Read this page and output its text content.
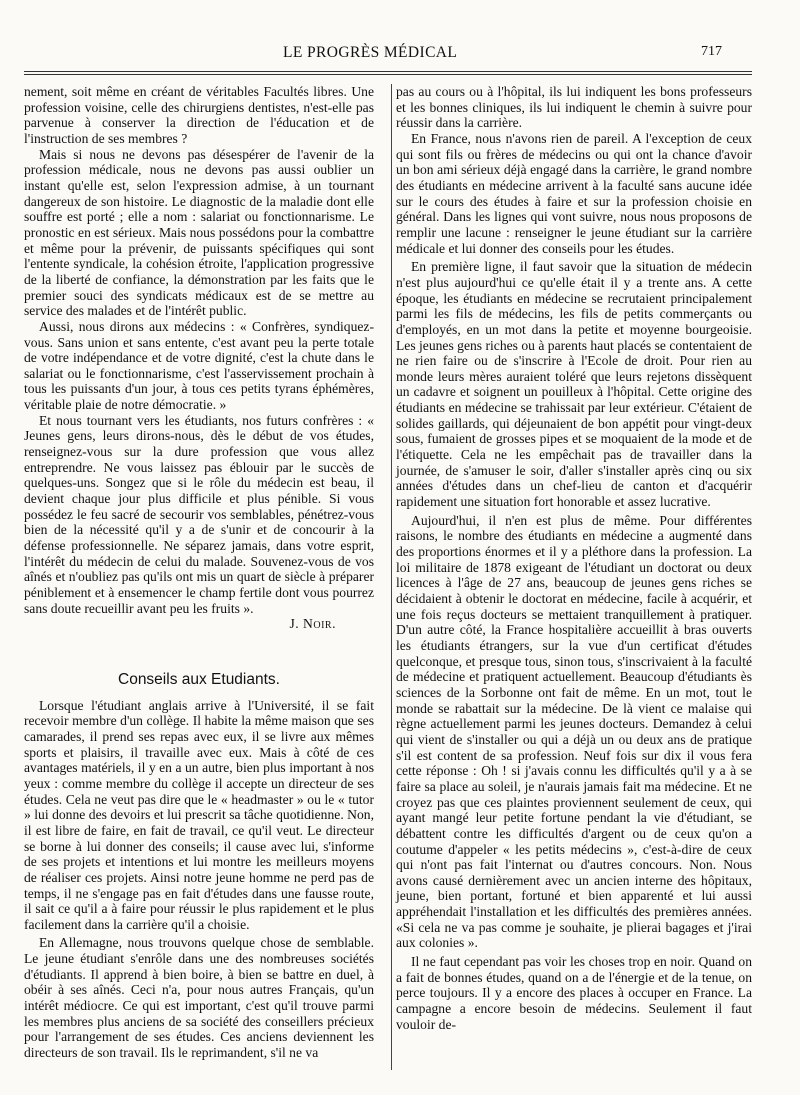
LE PROGRÈS MÉDICAL	717

nement, soit même en créant de véritables Facultés libres. Une profession voisine, celle des chirurgiens dentistes, n'est-elle pas parvenue à conserver la direction de l'éducation et de l'instruction de ses membres ?

Mais si nous ne devons pas désespérer de l'avenir de la profession médicale, nous ne devons pas aussi oublier un instant qu'elle est, selon l'expression admise, à un tournant dangereux de son histoire. Le diagnostic de la maladie dont elle souffre est porté ; elle a nom : salariat ou fonctionnarisme. Le pronostic en est sérieux. Mais nous possédons pour la combattre et même pour la prévenir, de puissants spécifiques qui sont l'entente syndicale, la cohésion étroite, l'application progressive de la liberté de confiance, la démonstration par les faits que le premier souci des syndicats médicaux est de se mettre au service des malades et de l'intérêt public.

Aussi, nous dirons aux médecins : « Confrères, syndiquez-vous. Sans union et sans entente, c'est avant peu la perte totale de votre indépendance et de votre dignité, c'est la chute dans le salariat ou le fonctionnarisme, c'est l'asservissement prochain à tous les puissants d'un jour, à tous ces petits tyrans éphémères, véritable plaie de notre démocratie. »

Et nous tournant vers les étudiants, nos futurs confrères : « Jeunes gens, leurs dirons-nous, dès le début de vos études, renseignez-vous sur la dure profession que vous allez entreprendre. Ne vous laissez pas éblouir par le succès de quelques-uns. Songez que si le rôle du médecin est beau, il devient chaque jour plus difficile et plus pénible. Si vous possédez le feu sacré de secourir vos semblables, pénétrez-vous bien de la nécessité qu'il y a de s'unir et de concourir à la défense professionnelle. Ne séparez jamais, dans votre esprit, l'intérêt du médecin de celui du malade. Souvenez-vous de vos aînés et n'oubliez pas qu'ils ont mis un quart de siècle à préparer péniblement et à ensemencer le champ fertile dont vous pourrez sans doute recueillir avant peu les fruits ».

J. Noir.

Conseils aux Etudiants.

Lorsque l'étudiant anglais arrive à l'Université, il se fait recevoir membre d'un collège. Il habite la même maison que ses camarades, il prend ses repas avec eux, il se livre aux mêmes sports et plaisirs, il travaille avec eux. Mais à côté de ces avantages matériels, il y en a un autre, bien plus important à nos yeux : comme membre du collège il accepte un directeur de ses études. Cela ne veut pas dire que le « headmaster » ou le « tutor » lui donne des devoirs et lui prescrit sa tâche quotidienne. Non, il est libre de faire, en fait de travail, ce qu'il veut. Le directeur se borne à lui donner des conseils; il cause avec lui, s'informe de ses projets et intentions et lui montre les meilleurs moyens de réaliser ces projets. Ainsi notre jeune homme ne perd pas de temps, il ne s'engage pas en fait d'études dans une fausse route, il sait ce qu'il a à faire pour réussir le plus rapidement et le plus facilement dans la carrière qu'il a choisie.

En Allemagne, nous trouvons quelque chose de semblable. Le jeune étudiant s'enrôle dans une des nombreuses sociétés d'étudiants. Il apprend à bien boire, à bien se battre en duel, à obéir à ses aînés. Ceci n'a, pour nous autres Français, qu'un intérêt médiocre. Ce qui est important, c'est qu'il trouve parmi les membres plus anciens de sa société des conseillers précieux pour l'arrangement de ses études. Ces anciens deviennent les directeurs de son travail. Ils le reprimandent, s'il ne va

pas au cours ou à l'hôpital, ils lui indiquent les bons professeurs et les bonnes cliniques, ils lui indiquent le chemin à suivre pour réussir dans la carrière.

En France, nous n'avons rien de pareil. A l'exception de ceux qui sont fils ou frères de médecins ou qui ont la chance d'avoir un bon ami sérieux déjà engagé dans la carrière, le grand nombre des étudiants en médecine arrivent à la faculté sans aucune idée sur le cours des études à faire et sur la profession choisie en général. Dans les lignes qui vont suivre, nous nous proposons de remplir une lacune : renseigner le jeune étudiant sur la carrière médicale et lui donner des conseils pour les études.

En première ligne, il faut savoir que la situation de médecin n'est plus aujourd'hui ce qu'elle était il y a trente ans. A cette époque, les étudiants en médecine se recrutaient principalement parmi les fils de médecins, les fils de petits commerçants ou d'employés, en un mot dans la petite et moyenne bourgeoisie. Les jeunes gens riches ou à parents haut placés se contentaient de ne rien faire ou de s'inscrire à l'Ecole de droit. Pour rien au monde leurs mères auraient toléré que leurs rejetons dissèquent un cadavre et soignent un pouilleux à l'hôpital. Cette origine des étudiants en médecine se trahissait par leur extérieur. C'étaient de solides gaillards, qui déjeunaient de bon appétit pour vingt-deux sous, fumaient de grosses pipes et se moquaient de la mode et de l'étiquette. Cela ne les empêchait pas de travailler dans la journée, de s'amuser le soir, d'aller s'installer après cinq ou six années d'études dans un chef-lieu de canton et d'acquérir rapidement une situation fort honorable et assez lucrative.

Aujourd'hui, il n'en est plus de même. Pour différentes raisons, le nombre des étudiants en médecine a augmenté dans des proportions énormes et il y a pléthore dans la profession. La loi militaire de 1878 exigeant de l'étudiant un doctorat ou deux licences à l'âge de 27 ans, beaucoup de jeunes gens riches se décidaient à obtenir le doctorat en médecine, facile à acquérir, et une fois reçus docteurs se mettaient tranquillement à pratiquer. D'un autre côté, la France hospitalière accueillit à bras ouverts les étudiants étrangers, sur la vue d'un certificat d'études quelconque, et presque tous, sinon tous, s'inscrivaient à la faculté de médecine et pratiquent actuellement. Beaucoup d'étudiants ès sciences de la Sorbonne ont fait de même. En un mot, tout le monde se rabattait sur la médecine. De là vient ce malaise qui règne actuellement parmi les jeunes docteurs. Demandez à celui qui vient de s'installer ou qui a déjà un ou deux ans de pratique s'il est content de sa profession. Neuf fois sur dix il vous fera cette réponse : Oh ! si j'avais connu les difficultés qu'il y a à se faire sa place au soleil, je n'aurais jamais fait ma médecine. Et ne croyez pas que ces plaintes proviennent seulement de ceux, qui ayant mangé leur petite fortune pendant la vie d'étudiant, se débattent contre les difficultés d'argent ou de ceux qu'on a coutume d'appeler « les petits médecins », c'est-à-dire de ceux qui n'ont pas fait l'internat ou d'autres concours. Non. Nous avons causé dernièrement avec un ancien interne des hôpitaux, jeune, bien portant, fortuné et bien apparenté et lui aussi appréhendait l'installation et les difficultés des premières années. «Si cela ne va pas comme je souhaite, je plierai bagages et j'irai aux colonies ».

Il ne faut cependant pas voir les choses trop en noir. Quand on a fait de bonnes études, quand on a de l'énergie et de la tenue, on perce toujours. Il y a encore des places à occuper en France. La campagne a encore besoin de médecins. Seulement il faut vouloir de-
